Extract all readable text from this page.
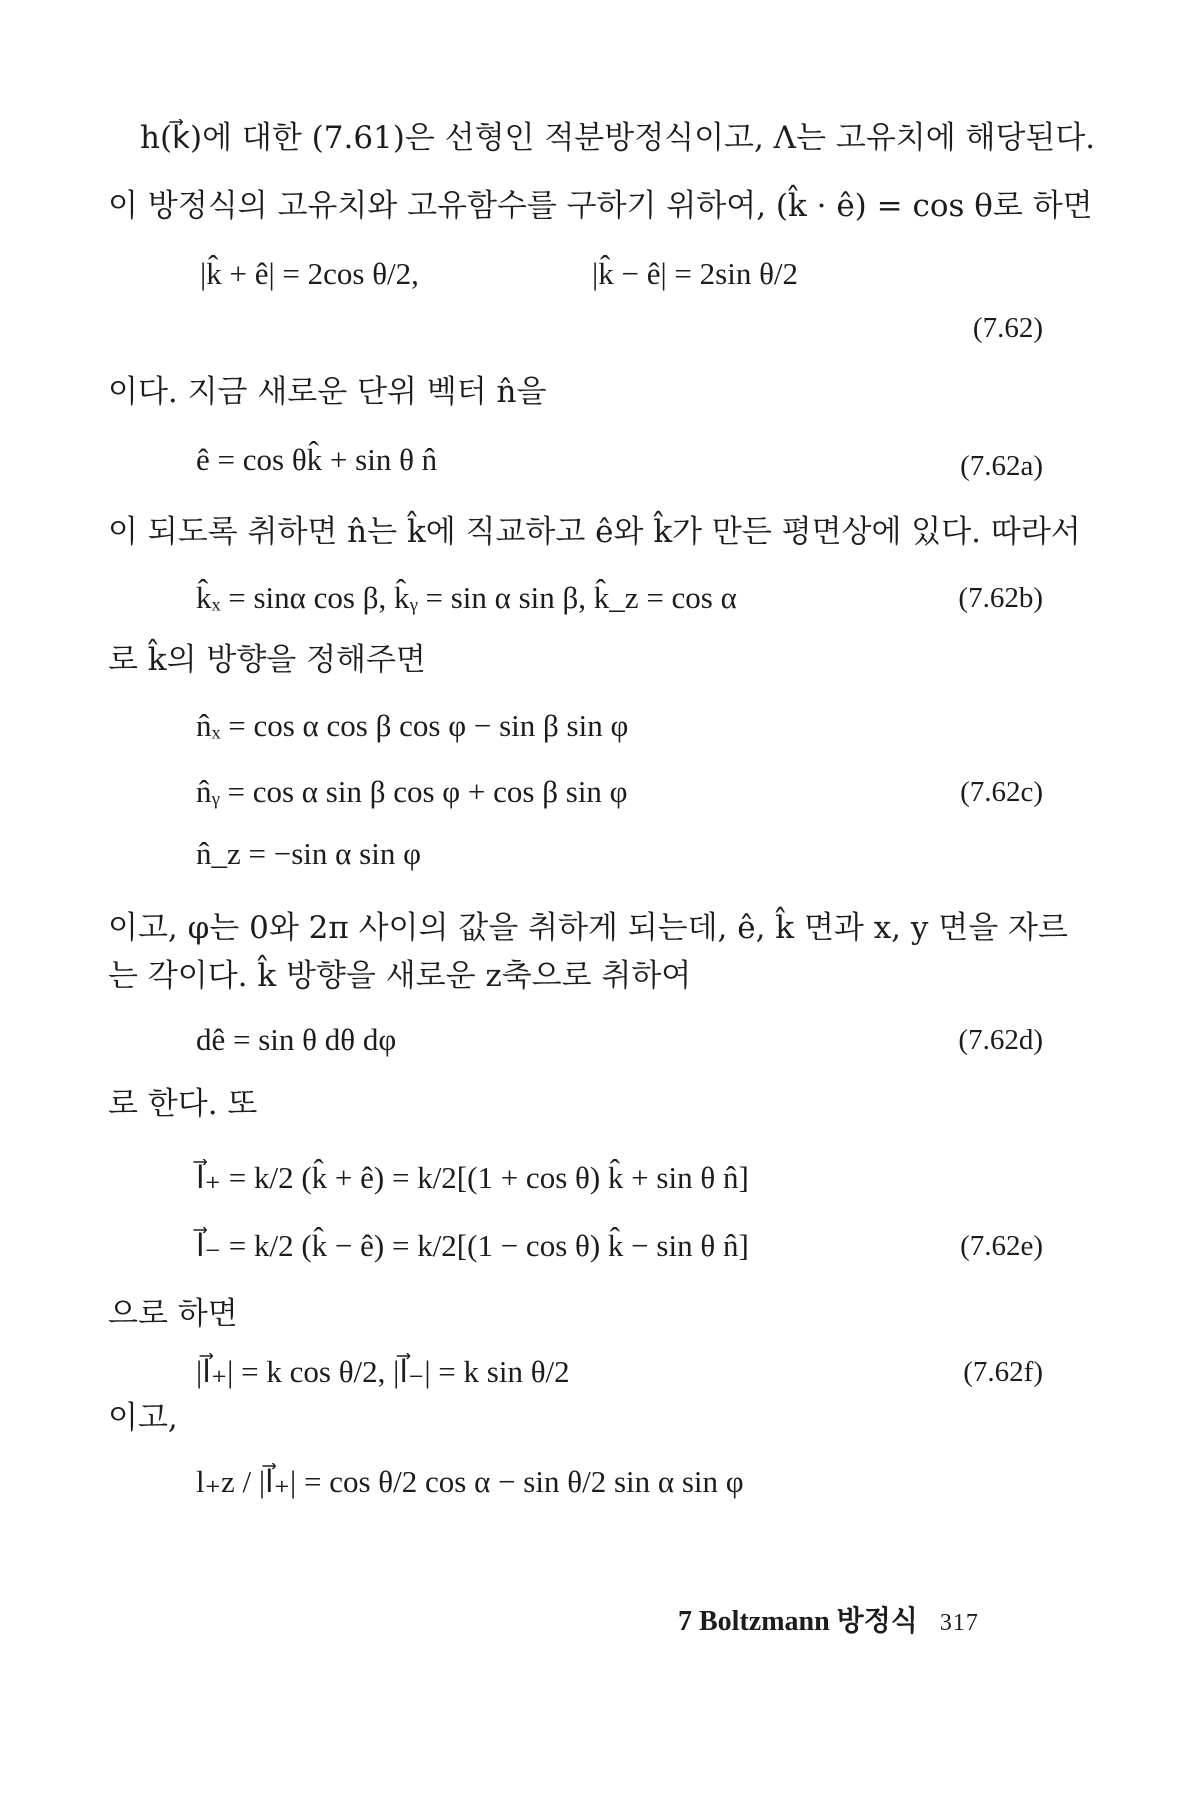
h(k⃗)에 대한 (7.61)은 선형인 적분방정식이고, Λ는 고유치에 해당된다.
이 방정식의 고유치와 고유함수를 구하기 위하여, (k̂ · ê) = cos θ로 하면
|k̂ + ê| = 2cos θ/2,	|k̂ − ê| = 2sin θ/2
(7.62)
이다. 지금 새로운 단위 벡터 n̂을
ê = cos θk̂ + sin θ n̂	(7.62a)
이 되도록 취하면 n̂는 k̂에 직교하고 ê와 k̂가 만든 평면상에 있다. 따라서
k̂ₓ = sinα cos β, k̂ᵧ = sin α sin β, k̂_z = cos α	(7.62b)
로 k̂의 방향을 정해주면
n̂ₓ = cos α cos β cos φ − sin β sin φ
n̂ᵧ = cos α sin β cos φ + cos β sin φ
n̂_z = −sin α sin φ
(7.62c)
이고, φ는 0와 2π 사이의 값을 취하게 되는데, ê, k̂ 면과 x, y 면을 자르
는 각이다. k̂ 방향을 새로운 z축으로 취하여
dê = sin θ dθ dφ	(7.62d)
로 한다. 또
l⃗₊ = k/2 (k̂ + ê) = k/2[(1 + cos θ) k̂ + sin θ n̂]
l⃗₋ = k/2 (k̂ − ê) = k/2[(1 − cos θ) k̂ − sin θ n̂]	(7.62e)
으로 하면
|l⃗₊| = k cos θ/2, |l⃗₋| = k sin θ/2	(7.62f)
이고,
l₊z / |l⃗₊| = cos θ/2 cos α − sin θ/2 sin α sin φ
7 Boltzmann 방정식 317
